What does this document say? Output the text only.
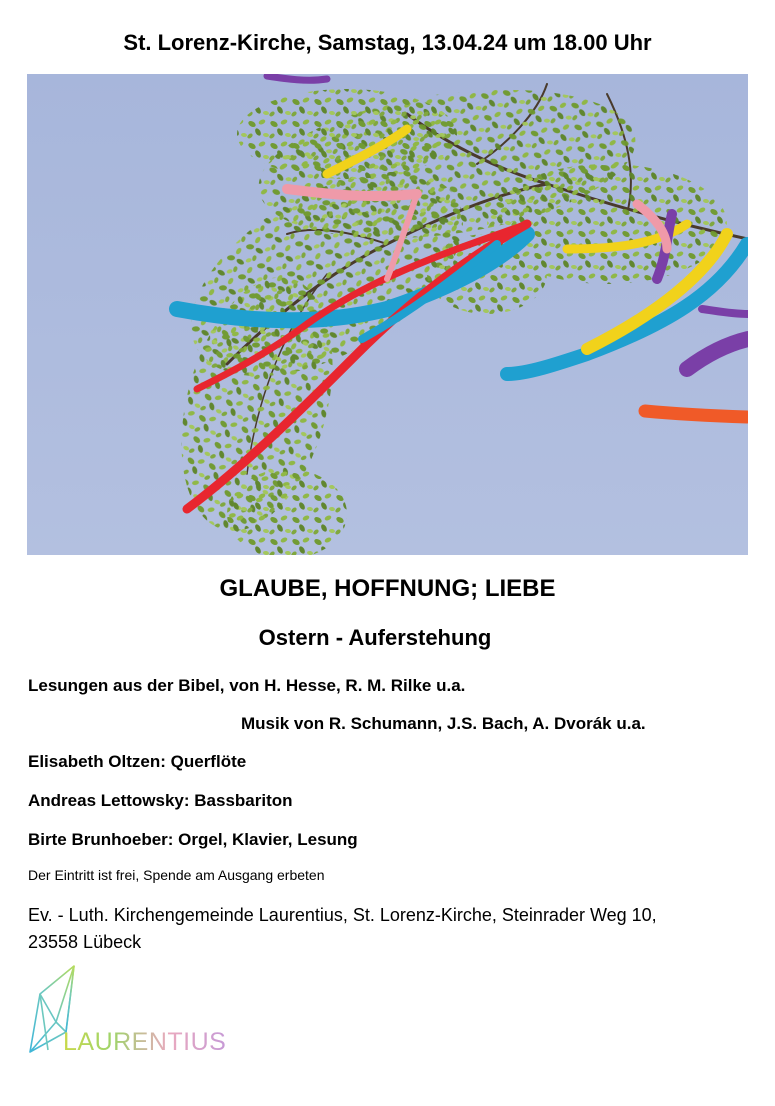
St. Lorenz-Kirche, Samstag, 13.04.24 um 18.00 Uhr
GLAUBE, HOFFNUNG; LIEBE
Ostern - Auferstehung
Lesungen aus der Bibel, von H. Hesse, R. M. Rilke u.a.
Musik von R. Schumann, J.S. Bach, A. Dvorák u.a.
Elisabeth Oltzen: Querflöte
Andreas Lettowsky: Bassbariton
Birte Brunhoeber: Orgel, Klavier, Lesung
Der Eintritt ist frei, Spende am Ausgang erbeten
Ev. - Luth. Kirchengemeinde Laurentius, St. Lorenz-Kirche, Steinrader Weg 10,
23558 Lübeck
LAURENTIUS
